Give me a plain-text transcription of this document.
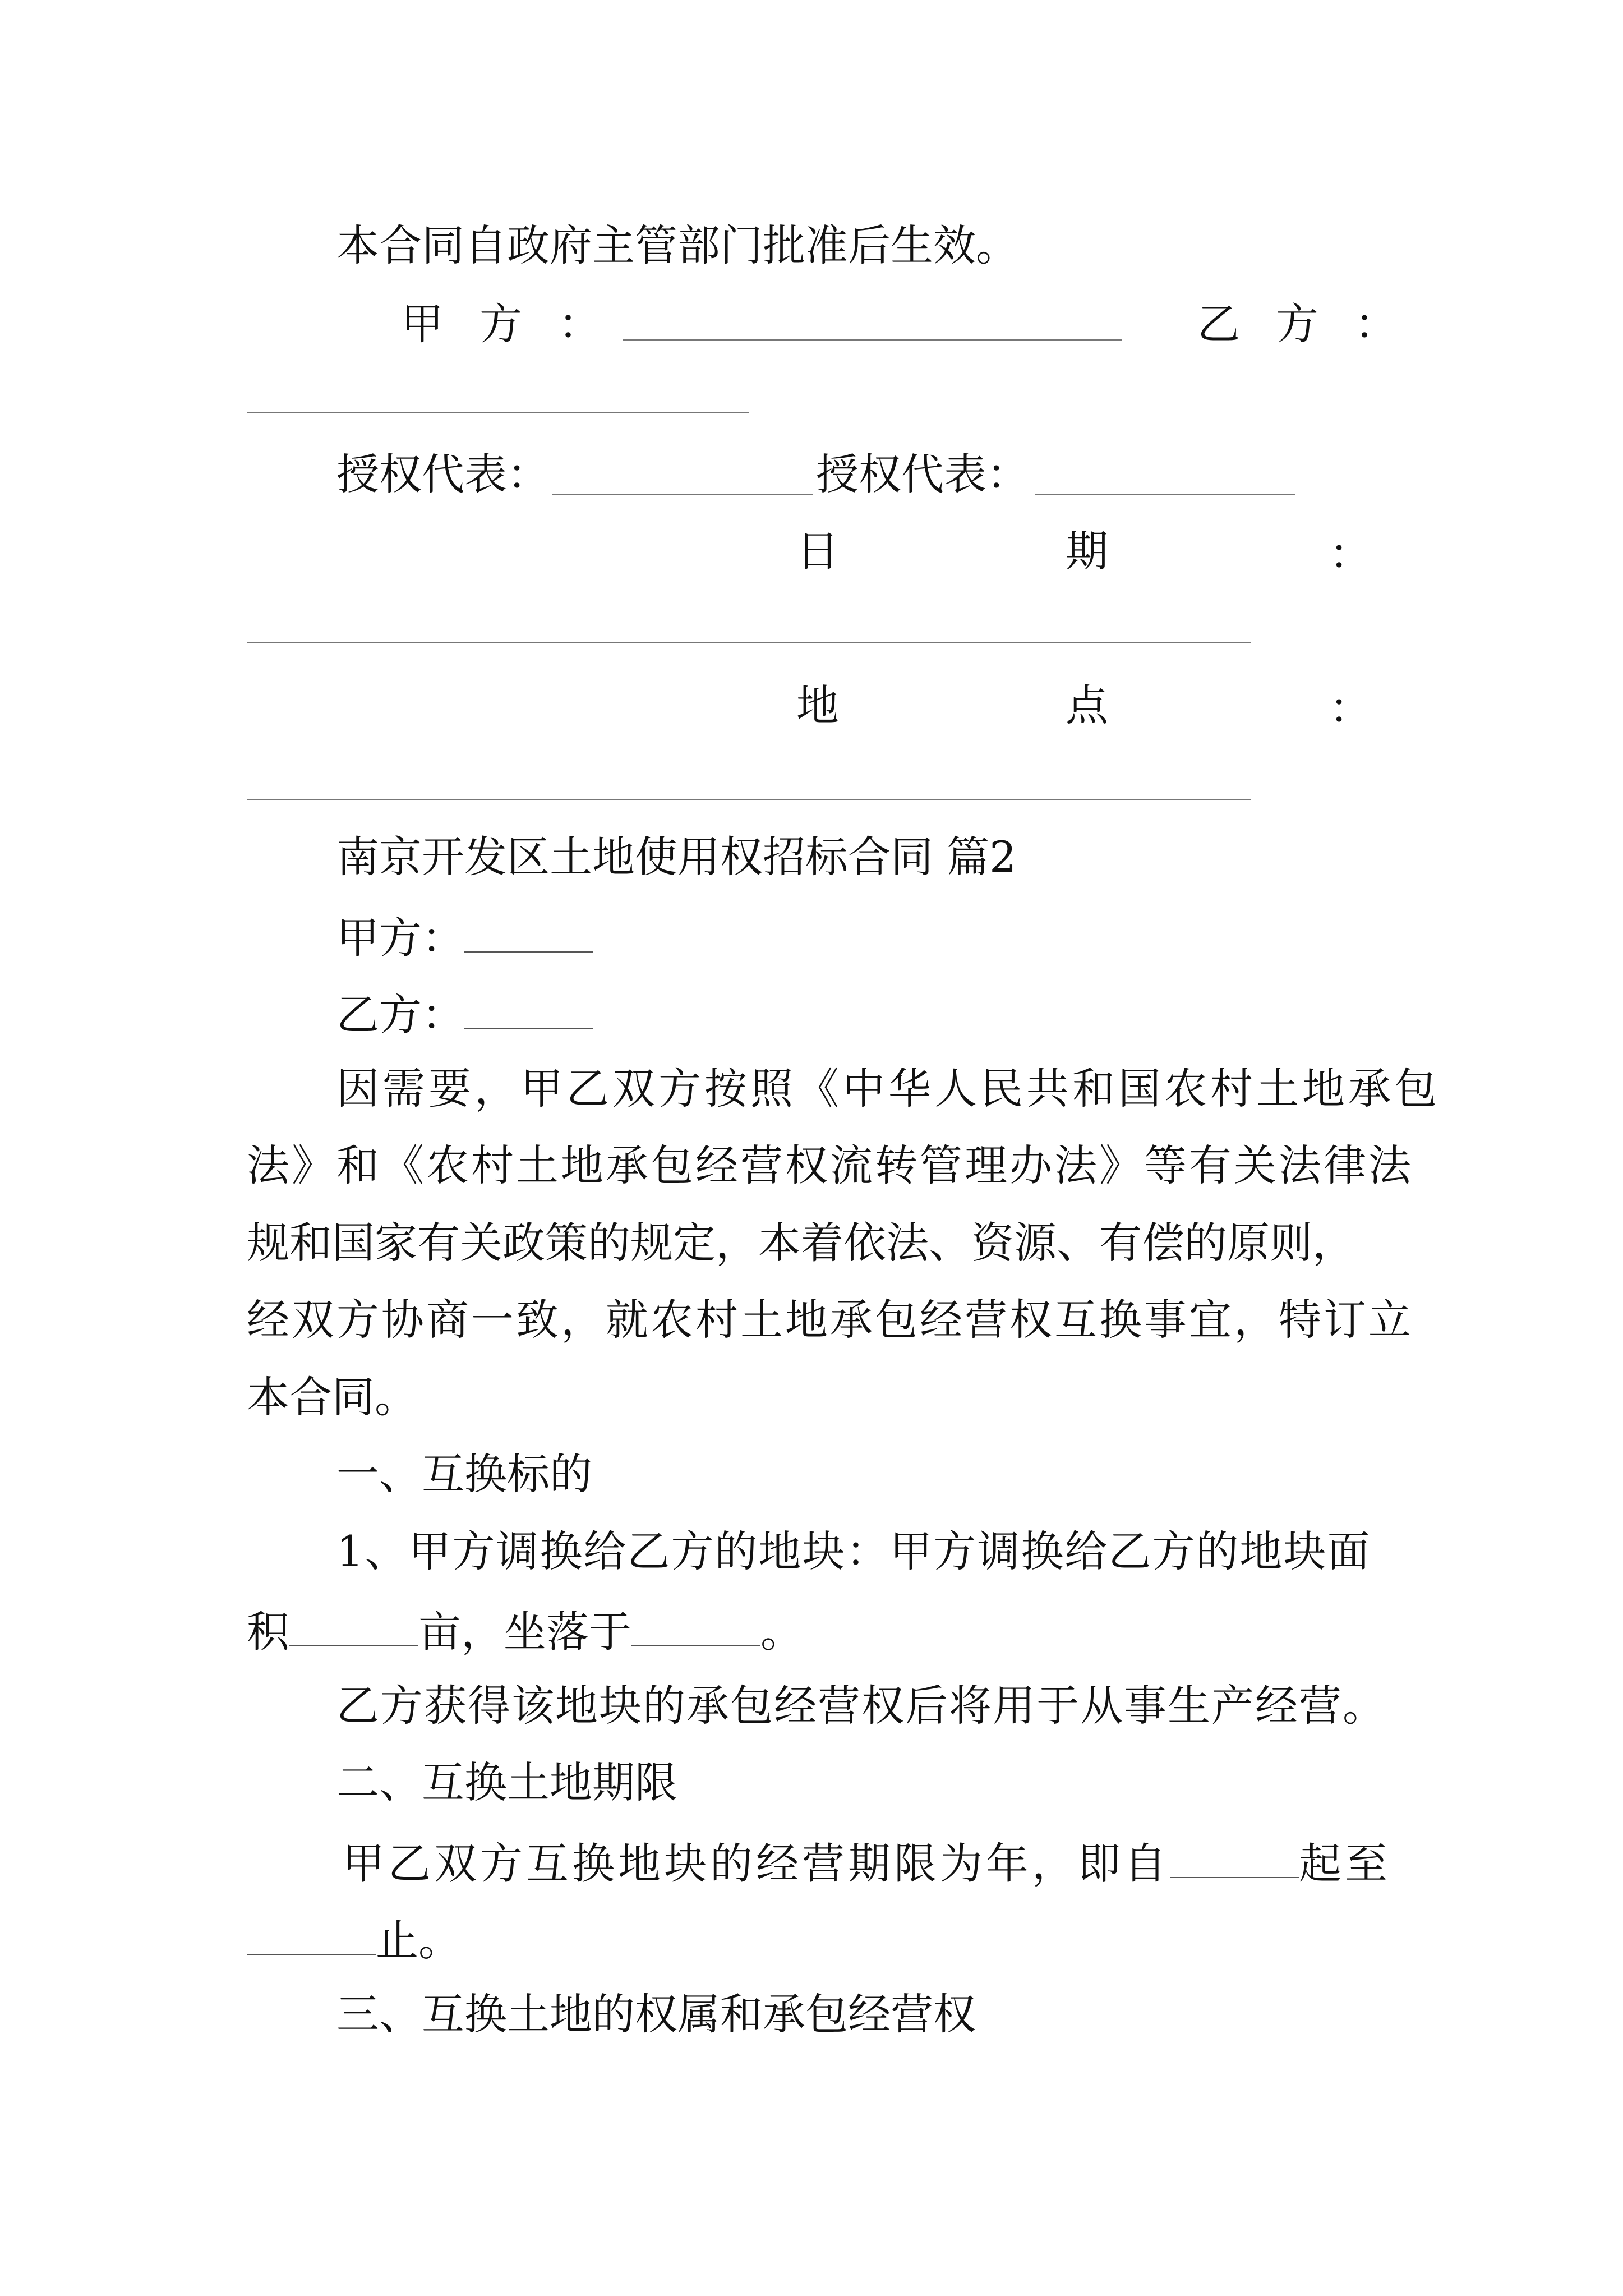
本合同自政府主管部门批准后生效。
甲 方 ：	乙 方 ：
授权代表：	授权代表：
日	期	：
地	点	：
南京开发区土地使用权招标合同 篇2
甲方：
乙方：
因需要，甲乙双方按照《中华人民共和国农村土地承包
法》和《农村土地承包经营权流转管理办法》等有关法律法
规和国家有关政策的规定，本着依法、资源、有偿的原则，
经双方协商一致，就农村土地承包经营权互换事宜，特订立
本合同。
一、互换标的
1、甲方调换给乙方的地块：甲方调换给乙方的地块面
积	亩，坐落于	。
乙方获得该地块的承包经营权后将用于从事生产经营。
二、互换土地期限
甲乙双方互换地块的经营期限为年，即自	起至
止。
三、互换土地的权属和承包经营权
